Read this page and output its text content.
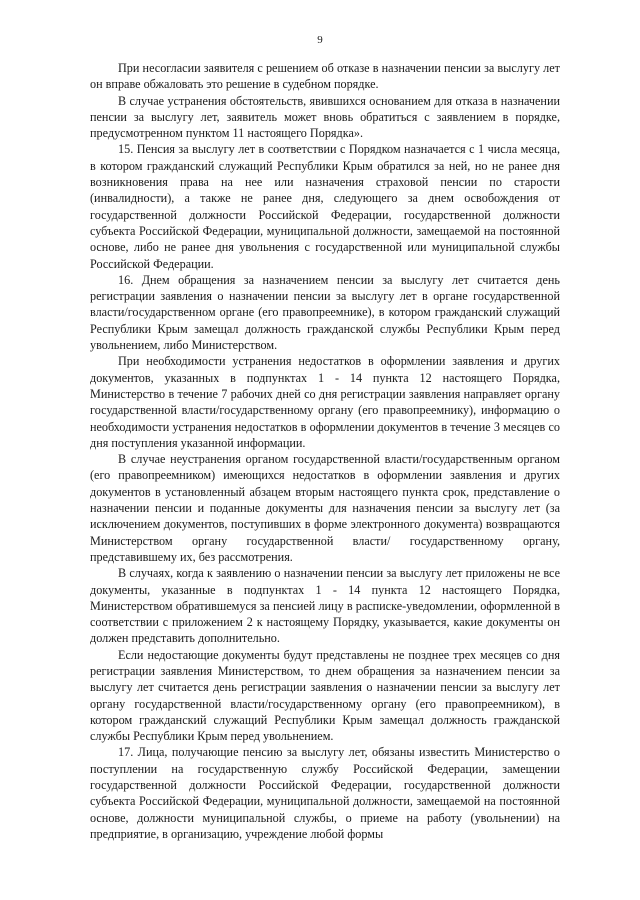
9

При несогласии заявителя с решением об отказе в назначении пенсии за выслугу лет он вправе обжаловать это решение в судебном порядке.

В случае устранения обстоятельств, явившихся основанием для отказа в назначении пенсии за выслугу лет, заявитель может вновь обратиться с заявлением в порядке, предусмотренном пунктом 11 настоящего Порядка».

15. Пенсия за выслугу лет в соответствии с Порядком назначается с 1 числа месяца, в котором гражданский служащий Республики Крым обратился за ней, но не ранее дня возникновения права на нее или назначения страховой пенсии по старости (инвалидности), а также не ранее дня, следующего за днем освобождения от государственной должности Российской Федерации, государственной должности субъекта Российской Федерации, муниципальной должности, замещаемой на постоянной основе, либо не ранее дня увольнения с государственной или муниципальной службы Российской Федерации.

16. Днем обращения за назначением пенсии за выслугу лет считается день регистрации заявления о назначении пенсии за выслугу лет в органе государственной власти/государственном органе (его правопреемнике), в котором гражданский служащий Республики Крым замещал должность гражданской службы Республики Крым перед увольнением, либо Министерством.

При необходимости устранения недостатков в оформлении заявления и других документов, указанных в подпунктах 1 - 14 пункта 12 настоящего Порядка, Министерство в течение 7 рабочих дней со дня регистрации заявления направляет органу государственной власти/государственному органу (его правопреемнику), информацию о необходимости устранения недостатков в оформлении документов в течение 3 месяцев со дня поступления указанной информации.

В случае неустранения органом государственной власти/государственным органом (его правопреемником) имеющихся недостатков в оформлении заявления и других документов в установленный абзацем вторым настоящего пункта срок, представление о назначении пенсии и поданные документы для назначения пенсии за выслугу лет (за исключением документов, поступивших в форме электронного документа) возвращаются Министерством органу государственной власти/ государственному органу, представившему их, без рассмотрения.

В случаях, когда к заявлению о назначении пенсии за выслугу лет приложены не все документы, указанные в подпунктах 1 - 14 пункта 12 настоящего Порядка, Министерством обратившемуся за пенсией лицу в расписке-уведомлении, оформленной в соответствии с приложением 2 к настоящему Порядку, указывается, какие документы он должен представить дополнительно.

Если недостающие документы будут представлены не позднее трех месяцев со дня регистрации заявления Министерством, то днем обращения за назначением пенсии за выслугу лет считается день регистрации заявления о назначении пенсии за выслугу лет органу государственной власти/государственному органу (его правопреемником), в котором гражданский служащий Республики Крым замещал должность гражданской службы Республики Крым перед увольнением.

17. Лица, получающие пенсию за выслугу лет, обязаны известить Министерство о поступлении на государственную службу Российской Федерации, замещении государственной должности Российской Федерации, государственной должности субъекта Российской Федерации, муниципальной должности, замещаемой на постоянной основе, должности муниципальной службы, о приеме на работу (увольнении) на предприятие, в организацию, учреждение любой формы
